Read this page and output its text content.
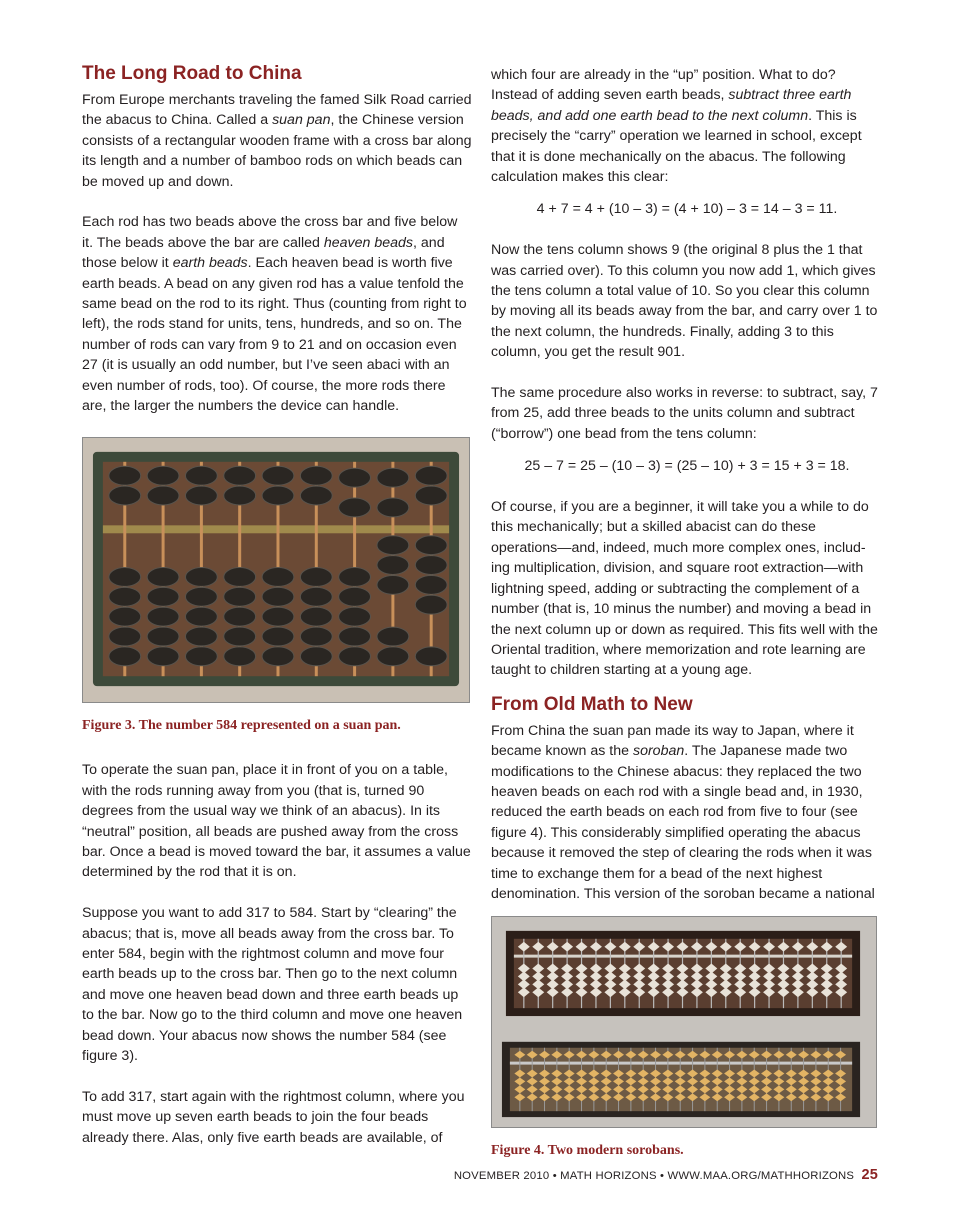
The Long Road to China

From Europe merchants traveling the famed Silk Road carried the abacus to China. Called a suan pan, the Chinese version consists of a rectangular wooden frame with a cross bar along its length and a number of bamboo rods on which beads can be moved up and down.

Each rod has two beads above the cross bar and five below it. The beads above the bar are called heaven beads, and those below it earth beads. Each heaven bead is worth five earth beads. A bead on any given rod has a value tenfold the same bead on the rod to its right. Thus (counting from right to left), the rods stand for units, tens, hundreds, and so on. The number of rods can vary from 9 to 21 and on occasion even 27 (it is usually an odd number, but I’ve seen abaci with an even number of rods, too). Of course, the more rods there are, the larger the numbers the device can handle.

Figure 3. The number 584 represented on a suan pan.

To operate the suan pan, place it in front of you on a table, with the rods running away from you (that is, turned 90 degrees from the usual way we think of an abacus). In its “neutral” position, all beads are pushed away from the cross bar. Once a bead is moved toward the bar, it assumes a value determined by the rod that it is on.

Suppose you want to add 317 to 584. Start by “clearing” the abacus; that is, move all beads away from the cross bar. To enter 584, begin with the rightmost column and move four earth beads up to the cross bar. Then go to the next column and move one heaven bead down and three earth beads up to the bar. Now go to the third column and move one heaven bead down. Your abacus now shows the number 584 (see figure 3).

To add 317, start again with the rightmost column, where you must move up seven earth beads to join the four beads already there. Alas, only five earth beads are available, of

which four are already in the “up” position. What to do? Instead of adding seven earth beads, subtract three earth beads, and add one earth bead to the next column. This is precisely the “carry” operation we learned in school, except that it is done mechanically on the abacus. The following calculation makes this clear:

4 + 7 = 4 + (10 – 3) = (4 + 10) – 3 = 14 – 3 = 11.

Now the tens column shows 9 (the original 8 plus the 1 that was carried over). To this column you now add 1, which gives the tens column a total value of 10. So you clear this column by moving all its beads away from the bar, and carry over 1 to the next column, the hundreds. Finally, adding 3 to this column, you get the result 901.

The same procedure also works in reverse: to subtract, say, 7 from 25, add three beads to the units column and subtract (“borrow”) one bead from the tens column:

25 – 7 = 25 – (10 – 3) = (25 – 10) + 3 = 15 + 3 = 18.

Of course, if you are a beginner, it will take you a while to do this mechanically; but a skilled abacist can do these operations—and, indeed, much more complex ones, includ-ing multiplication, division, and square root extraction—with lightning speed, adding or subtracting the complement of a number (that is, 10 minus the number) and moving a bead in the next column up or down as required. This fits well with the Oriental tradition, where memorization and rote learning are taught to children starting at a young age.

From Old Math to New

From China the suan pan made its way to Japan, where it became known as the soroban. The Japanese made two modifications to the Chinese abacus: they replaced the two heaven beads on each rod with a single bead and, in 1930, reduced the earth beads on each rod from five to four (see figure 4). This considerably simplified operating the abacus because it removed the step of clearing the rods when it was time to exchange them for a bead of the next highest denomination. This version of the soroban became a national

Figure 4. Two modern sorobans.
NOVEMBER 2010 • MATH HORIZONS • WWW.MAA.ORG/MATHHORIZONS 25
